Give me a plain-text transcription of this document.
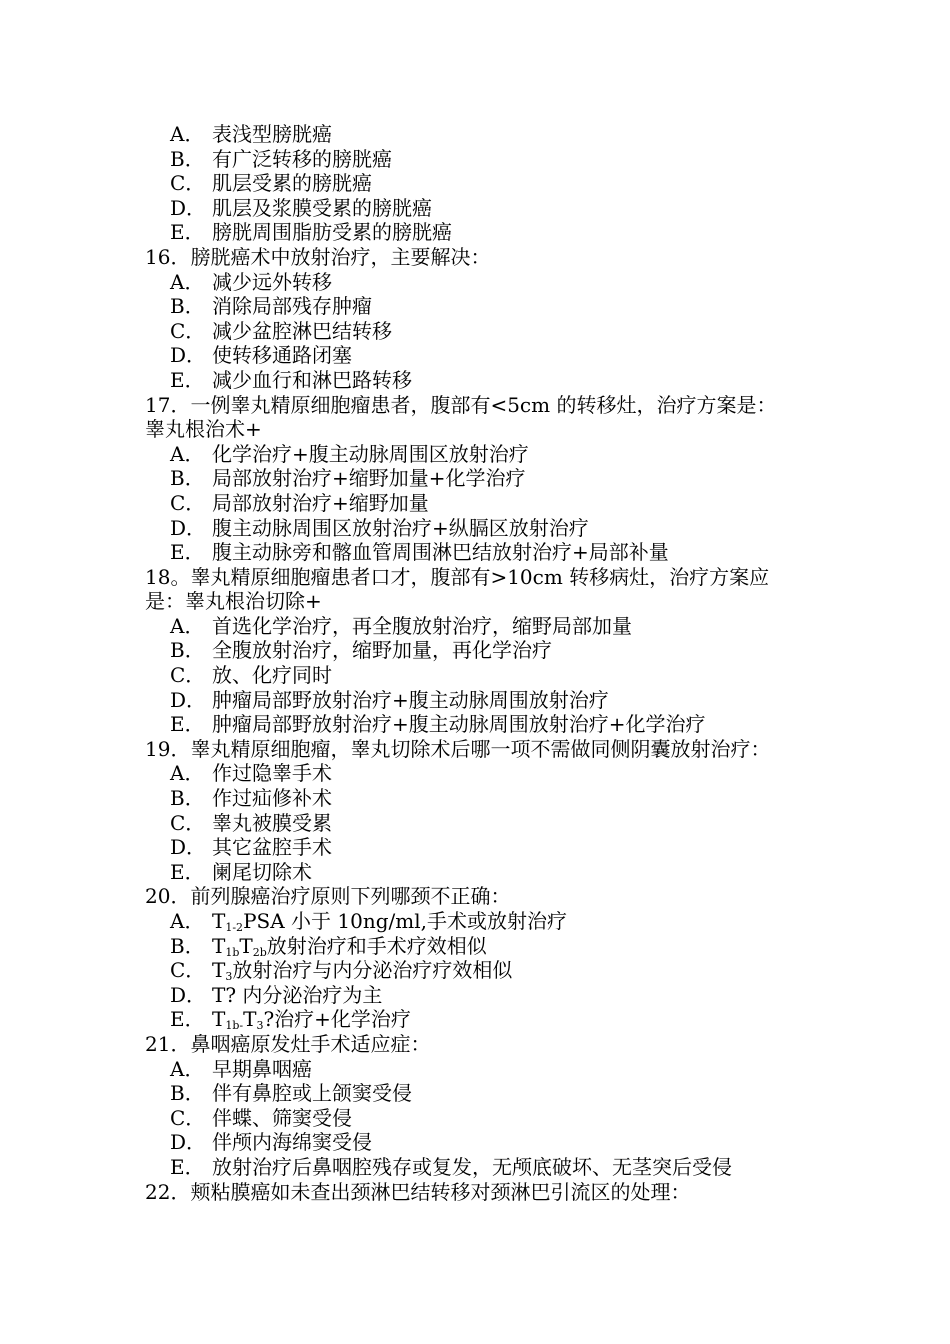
A． 表浅型膀胱癌
B． 有广泛转移的膀胱癌
C． 肌层受累的膀胱癌
D． 肌层及浆膜受累的膀胱癌
E． 膀胱周围脂肪受累的膀胱癌
16．膀胱癌术中放射治疗，主要解决：
A． 减少远外转移
B． 消除局部残存肿瘤
C． 减少盆腔淋巴结转移
D． 使转移通路闭塞
E． 减少血行和淋巴路转移
17．一例睾丸精原细胞瘤患者，腹部有<5cm 的转移灶，治疗方案是：
睾丸根治术+
A． 化学治疗+腹主动脉周围区放射治疗
B． 局部放射治疗+缩野加量+化学治疗
C． 局部放射治疗+缩野加量
D． 腹主动脉周围区放射治疗+纵膈区放射治疗
E． 腹主动脉旁和髂血管周围淋巴结放射治疗+局部补量
18。睾丸精原细胞瘤患者口才，腹部有>10cm 转移病灶，治疗方案应
是：睾丸根治切除+
A． 首选化学治疗，再全腹放射治疗，缩野局部加量
B． 全腹放射治疗，缩野加量，再化学治疗
C． 放、化疗同时
D． 肿瘤局部野放射治疗+腹主动脉周围放射治疗
E． 肿瘤局部野放射治疗+腹主动脉周围放射治疗+化学治疗
19．睾丸精原细胞瘤，睾丸切除术后哪一项不需做同侧阴囊放射治疗：
A． 作过隐睾手术
B． 作过疝修补术
C． 睾丸被膜受累
D． 其它盆腔手术
E． 阑尾切除术
20．前列腺癌治疗原则下列哪颈不正确：
A． $T_{1-2}PSA$ 小于 10ng/ml,手术或放射治疗
B． $T_{1b}T_{2b}$放射治疗和手术疗效相似
C． $T_3$放射治疗与内分泌治疗疗效相似
D． T? 内分泌治疗为主
E． $T_{1b-}T_3$?治疗+化学治疗
21．鼻咽癌原发灶手术适应症：
A． 早期鼻咽癌
B． 伴有鼻腔或上颌窦受侵
C． 伴蝶、筛窦受侵
D． 伴颅内海绵窦受侵
E． 放射治疗后鼻咽腔残存或复发，无颅底破坏、无茎突后受侵
22．颊粘膜癌如未查出颈淋巴结转移对颈淋巴引流区的处理：
